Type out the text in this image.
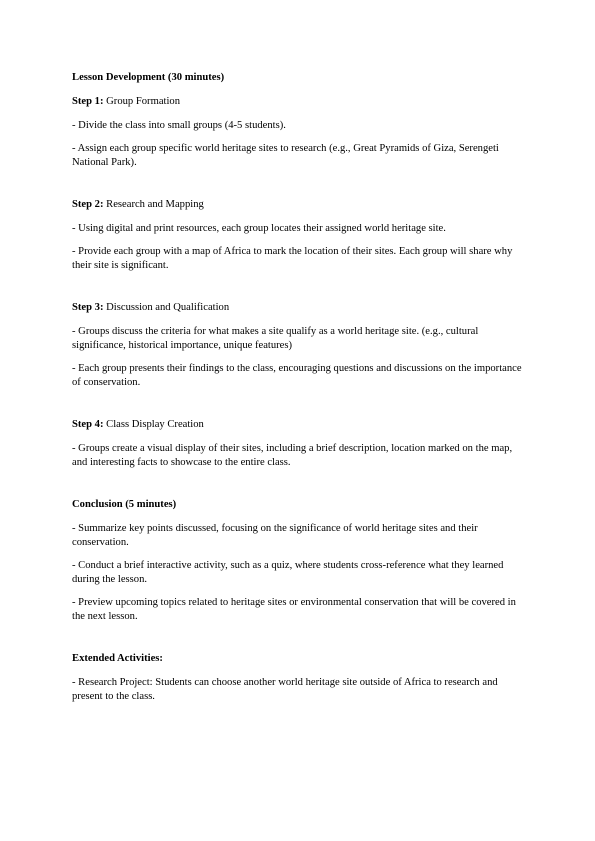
Lesson Development (30 minutes)
Step 1: Group Formation
- Divide the class into small groups (4-5 students).
- Assign each group specific world heritage sites to research (e.g., Great Pyramids of Giza, Serengeti National Park).
Step 2: Research and Mapping
- Using digital and print resources, each group locates their assigned world heritage site.
- Provide each group with a map of Africa to mark the location of their sites. Each group will share why their site is significant.
Step 3: Discussion and Qualification
- Groups discuss the criteria for what makes a site qualify as a world heritage site. (e.g., cultural significance, historical importance, unique features)
- Each group presents their findings to the class, encouraging questions and discussions on the importance of conservation.
Step 4: Class Display Creation
- Groups create a visual display of their sites, including a brief description, location marked on the map, and interesting facts to showcase to the entire class.
Conclusion (5 minutes)
- Summarize key points discussed, focusing on the significance of world heritage sites and their conservation.
- Conduct a brief interactive activity, such as a quiz, where students cross-reference what they learned during the lesson.
- Preview upcoming topics related to heritage sites or environmental conservation that will be covered in the next lesson.
Extended Activities:
- Research Project: Students can choose another world heritage site outside of Africa to research and present to the class.
